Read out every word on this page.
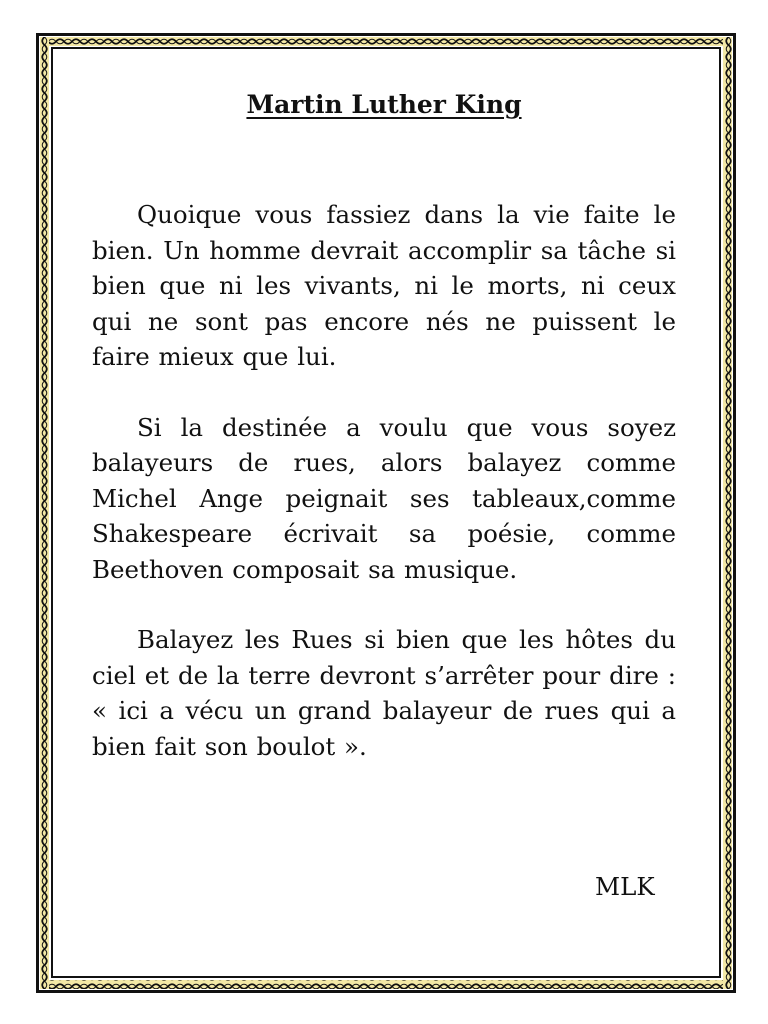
Martin Luther King

Quoique vous fassiez dans la vie faite le bien. Un homme devrait accomplir sa tâche si bien que ni les vivants, ni le morts, ni ceux qui ne sont pas encore nés ne puissent le faire mieux que lui.

Si la destinée a voulu que vous soyez balayeurs de rues, alors balayez comme Michel Ange peignait ses tableaux,comme Shakespeare écrivait sa poésie, comme Beethoven composait sa musique.

Balayez les Rues si bien que les hôtes du ciel et de la terre devront s’arrêter pour dire : « ici a vécu un grand balayeur de rues qui a bien fait son boulot ».

MLK
